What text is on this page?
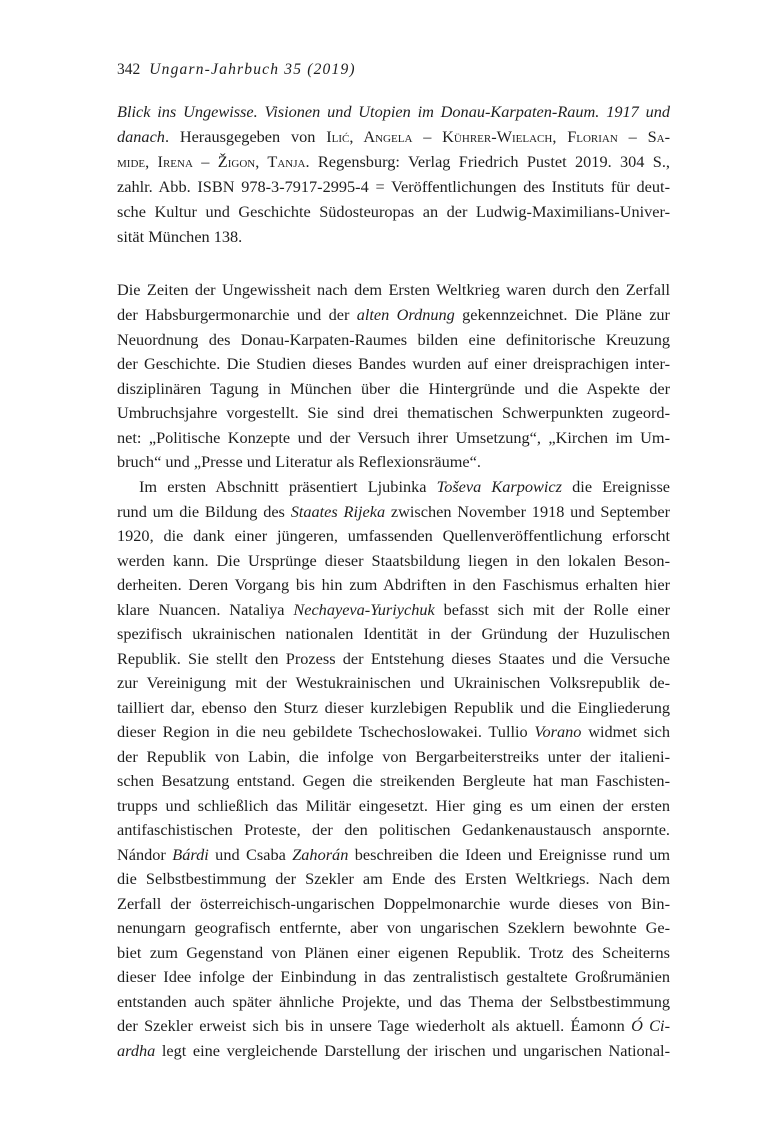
342 Ungarn-Jahrbuch 35 (2019)
Blick ins Ungewisse. Visionen und Utopien im Donau-Karpaten-Raum. 1917 und
danach. Herausgegeben von Ilić, Angela – Kührer-Wielach, Florian – Sa-
mide, Irena – Žigon, Tanja. Regensburg: Verlag Friedrich Pustet 2019. 304 S.,
zahlr. Abb. ISBN 978-3-7917-2995-4 = Veröffentlichungen des Instituts für deut-
sche Kultur und Geschichte Südosteuropas an der Ludwig-Maximilians-Univer-
sität München 138.
Die Zeiten der Ungewissheit nach dem Ersten Weltkrieg waren durch den Zerfall
der Habsburgermonarchie und der alten Ordnung gekennzeichnet. Die Pläne zur
Neuordnung des Donau-Karpaten-Raumes bilden eine definitorische Kreuzung
der Geschichte. Die Studien dieses Bandes wurden auf einer dreisprachigen inter-
disziplinären Tagung in München über die Hintergründe und die Aspekte der
Umbruchsjahre vorgestellt. Sie sind drei thematischen Schwerpunkten zugeord-
net: „Politische Konzepte und der Versuch ihrer Umsetzung“, „Kirchen im Um-
bruch“ und „Presse und Literatur als Reflexionsräume“.
Im ersten Abschnitt präsentiert Ljubinka Toševa Karpowicz die Ereignisse
rund um die Bildung des Staates Rijeka zwischen November 1918 und September
1920, die dank einer jüngeren, umfassenden Quellenveröffentlichung erforscht
werden kann. Die Ursprünge dieser Staatsbildung liegen in den lokalen Beson-
derheiten. Deren Vorgang bis hin zum Abdriften in den Faschismus erhalten hier
klare Nuancen. Nataliya Nechayeva-Yuriychuk befasst sich mit der Rolle einer
spezifisch ukrainischen nationalen Identität in der Gründung der Huzulischen
Republik. Sie stellt den Prozess der Entstehung dieses Staates und die Versuche
zur Vereinigung mit der Westukrainischen und Ukrainischen Volksrepublik de-
tailliert dar, ebenso den Sturz dieser kurzlebigen Republik und die Eingliederung
dieser Region in die neu gebildete Tschechoslowakei. Tullio Vorano widmet sich
der Republik von Labin, die infolge von Bergarbeiterstreiks unter der italieni-
schen Besatzung entstand. Gegen die streikenden Bergleute hat man Faschisten-
trupps und schließlich das Militär eingesetzt. Hier ging es um einen der ersten
antifaschistischen Proteste, der den politischen Gedankenaustausch anspornte.
Nándor Bárdi und Csaba Zahorán beschreiben die Ideen und Ereignisse rund um
die Selbstbestimmung der Szekler am Ende des Ersten Weltkriegs. Nach dem
Zerfall der österreichisch-ungarischen Doppelmonarchie wurde dieses von Bin-
nenungarn geografisch entfernte, aber von ungarischen Szeklern bewohnte Ge-
biet zum Gegenstand von Plänen einer eigenen Republik. Trotz des Scheiterns
dieser Idee infolge der Einbindung in das zentralistisch gestaltete Großrumänien
entstanden auch später ähnliche Projekte, und das Thema der Selbstbestimmung
der Szekler erweist sich bis in unsere Tage wiederholt als aktuell. Éamonn Ó Ci-
ardha legt eine vergleichende Darstellung der irischen und ungarischen National-
